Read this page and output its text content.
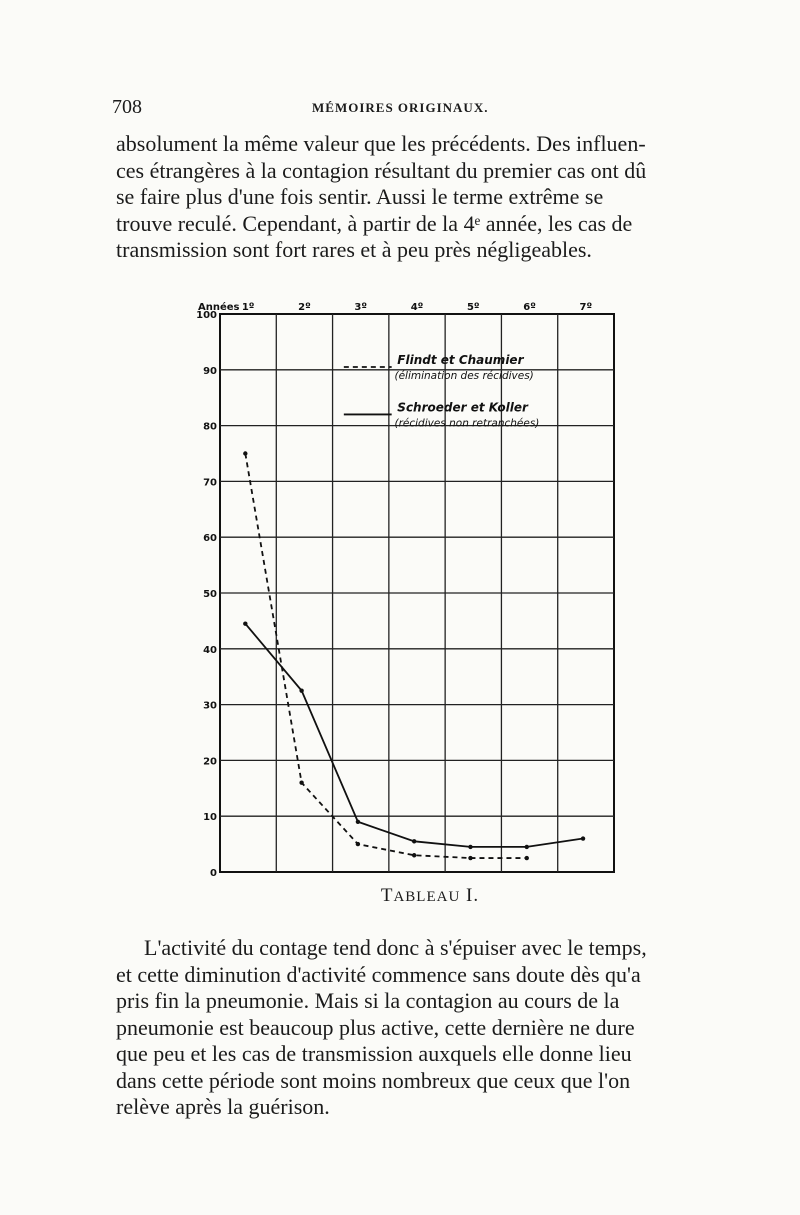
708	MÉMOIRES ORIGINAUX.

absolument la même valeur que les précédents. Des influen-

ces étrangères à la contagion résultant du premier cas ont dû

se faire plus d'une fois sentir. Aussi le terme extrême se

trouve reculé. Cependant, à partir de la 4ᵉ année, les cas de

transmission sont fort rares et à peu près négligeables.

0
10
20
30
40
50
60
70
80
90
100
Années 1º	2º	3º	4º	5º	6º	7º
Flindt et Chaumier
(élimination des récidives)
Schroeder et Koller
(récidives non retranchées)
TABLEAU I.

L'activité du contage tend donc à s'épuiser avec le temps,

et cette diminution d'activité commence sans doute dès qu'a

pris fin la pneumonie. Mais si la contagion au cours de la

pneumonie est beaucoup plus active, cette dernière ne dure

que peu et les cas de transmission auxquels elle donne lieu

dans cette période sont moins nombreux que ceux que l'on

relève après la guérison.
